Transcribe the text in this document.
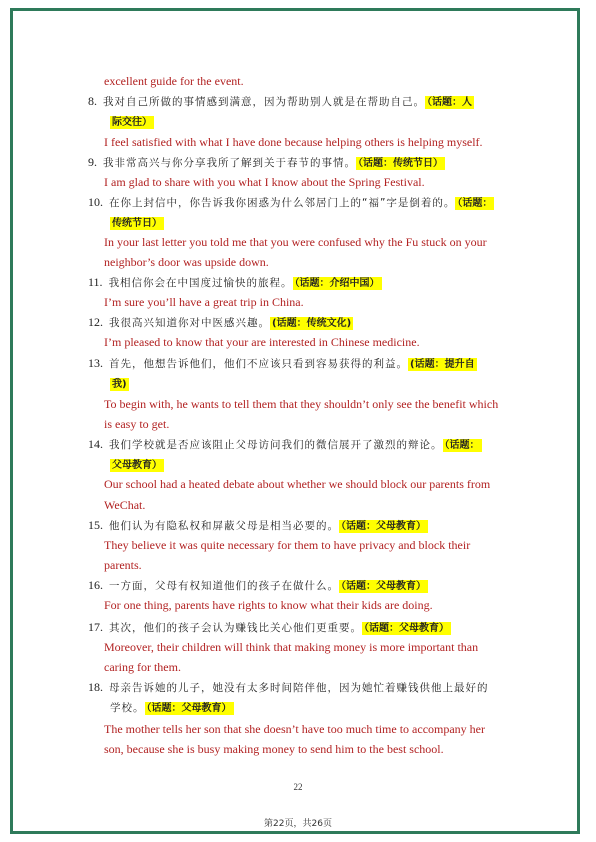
excellent guide for the event.
8. 我对自己所做的事情感到满意，因为帮助别人就是在帮助自己。 （话题：人
际交往）
I feel satisfied with what I have done because helping others is helping myself.
9. 我非常高兴与你分享我所了解到关于春节的事情。 （话题：传统节日）
I am glad to share with you what I know about the Spring Festival.
10. 在你上封信中，你告诉我你困惑为什么邻居门上的“福”字是倒着的。 （话题：
传统节日）
In your last letter you told me that you were confused why the Fu stuck on your
neighbor’s door was upside down.
11. 我相信你会在中国度过愉快的旅程。 （话题：介绍中国）
I’m sure you’ll have a great trip in China.
12. 我很高兴知道你对中医感兴趣。 (话题：传统文化)
I’m pleased to know that your are interested in Chinese medicine.
13. 首先，他想告诉他们，他们不应该只看到容易获得的利益。 (话题：提升自
我)
To begin with, he wants to tell them that they shouldn’t only see the benefit which
is easy to get.
14. 我们学校就是否应该阻止父母访问我们的微信展开了激烈的辩论。 （话题：
父母教育）
Our school had a heated debate about whether we should block our parents from
WeChat.
15. 他们认为有隐私权和屏蔽父母是相当必要的。 （话题：父母教育）
They believe it was quite necessary for them to have privacy and block their
parents.
16. 一方面，父母有权知道他们的孩子在做什么。 （话题：父母教育）
For one thing, parents have rights to know what their kids are doing.
17. 其次，他们的孩子会认为赚钱比关心他们更重要。 （话题：父母教育）
Moreover, their children will think that making money is more important than
caring for them.
18. 母亲告诉她的儿子，她没有太多时间陪伴他，因为她忙着赚钱供他上最好的
学校。 （话题：父母教育）
The mother tells her son that she doesn’t have too much time to accompany her
son, because she is busy making money to send him to the best school.
22
第22页，共26页
